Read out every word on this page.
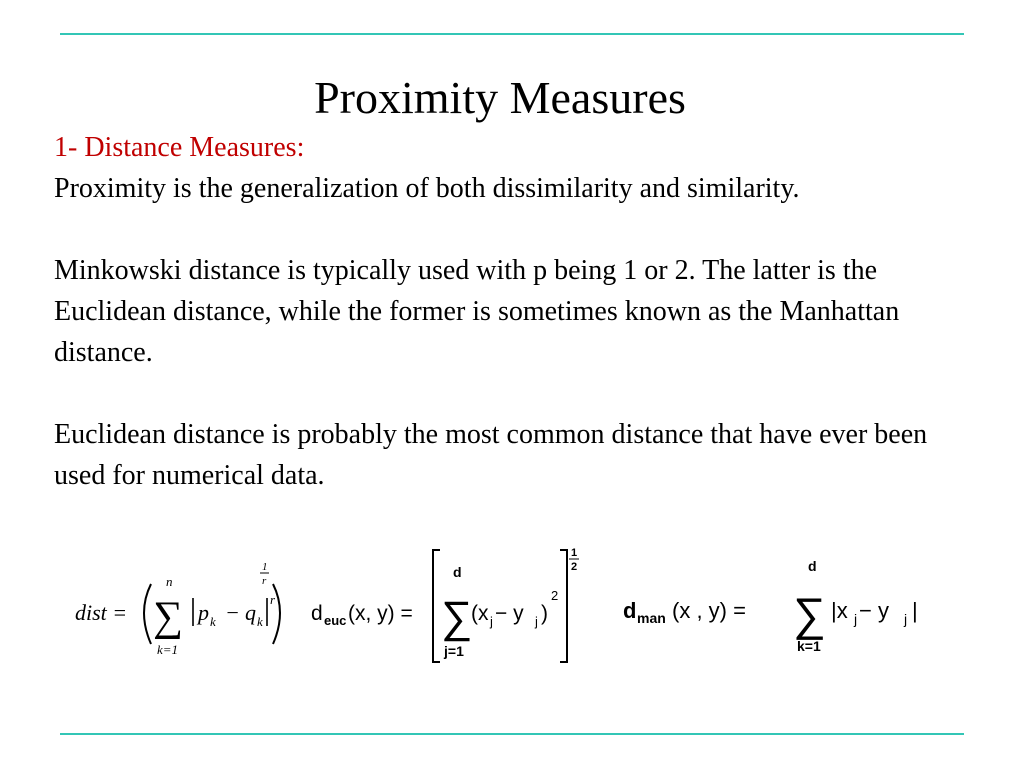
Proximity Measures

1- Distance Measures:

Proximity is the generalization of both dissimilarity and similarity.

Minkowski distance is typically used with p being 1 or 2. The latter is the Euclidean distance, while the former is sometimes known as the Manhattan distance.

Euclidean distance is probably the most common distance that have ever been used for numerical data.

dist = ∑
n
k=1
p k − q k
r
1
r
d euc (x, y) = ∑
d
j=1
(x j − y j )
2
1
2
d man (x , y) = ∑
d
k=1
|x j − y j |
